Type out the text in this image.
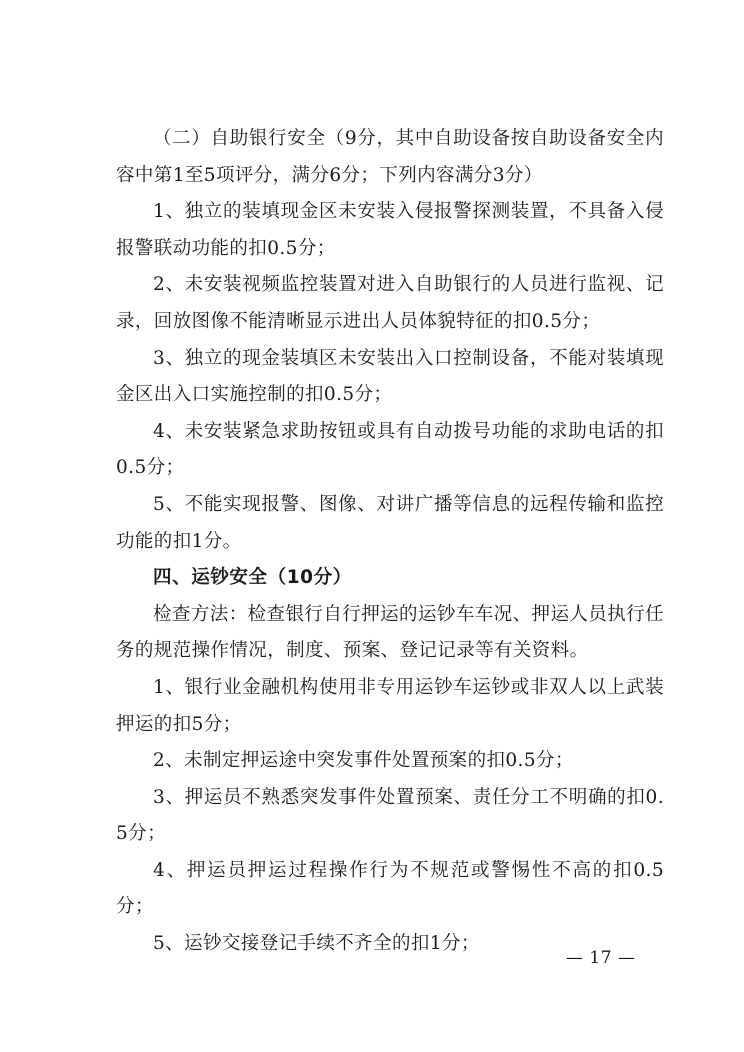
（二）自助银行安全（9分，其中自助设备按自助设备安全内容中第1至5项评分，满分6分；下列内容满分3分）

1、独立的装填现金区未安装入侵报警探测装置，不具备入侵报警联动功能的扣0.5分；

2、未安装视频监控装置对进入自助银行的人员进行监视、记录，回放图像不能清晰显示进出人员体貌特征的扣0.5分；

3、独立的现金装填区未安装出入口控制设备，不能对装填现金区出入口实施控制的扣0.5分；

4、未安装紧急求助按钮或具有自动拨号功能的求助电话的扣0.5分；

5、不能实现报警、图像、对讲广播等信息的远程传输和监控功能的扣1分。

四、运钞安全（10分）

检查方法：检查银行自行押运的运钞车车况、押运人员执行任务的规范操作情况，制度、预案、登记记录等有关资料。

1、银行业金融机构使用非专用运钞车运钞或非双人以上武装押运的扣5分；

2、未制定押运途中突发事件处置预案的扣0.5分；

3、押运员不熟悉突发事件处置预案、责任分工不明确的扣0.5分；

4、押运员押运过程操作行为不规范或警惕性不高的扣0.5分；

5、运钞交接登记手续不齐全的扣1分；

— 17 —
